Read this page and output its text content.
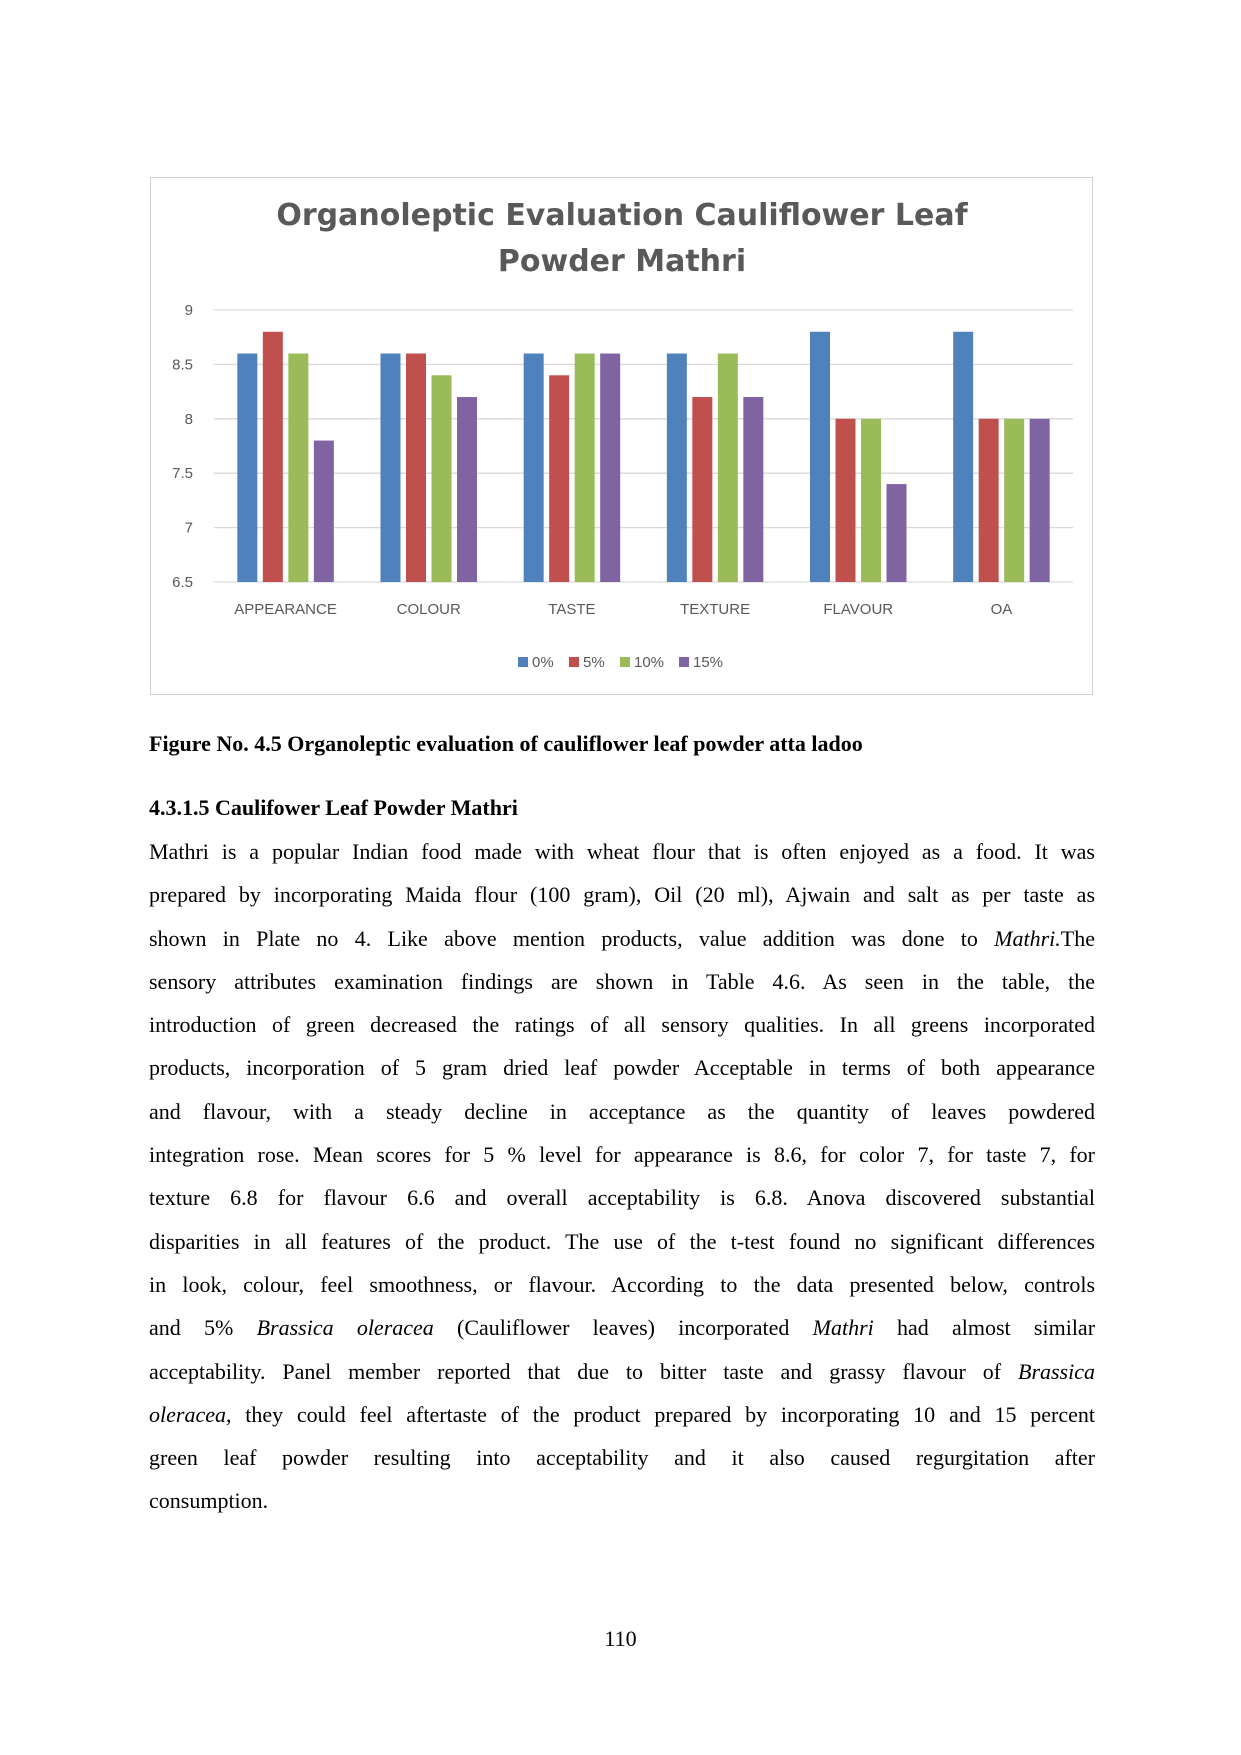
Organoleptic Evaluation Cauliflower Leaf
Powder Mathri
9
8.5
8
7.5
7
6.5
APPEARANCE	COLOUR	TASTE	TEXTURE	FLAVOUR	OA
0% 5% 10% 15%
Figure No. 4.5 Organoleptic evaluation of cauliflower leaf powder atta ladoo
4.3.1.5 Caulifower Leaf Powder Mathri
Mathri is a popular Indian food made with wheat flour that is often enjoyed as a food. It was
prepared by incorporating Maida flour (100 gram), Oil (20 ml), Ajwain and salt as per taste as
shown in Plate no 4. Like above mention products, value addition was done to Mathri.The
sensory attributes examination findings are shown in Table 4.6. As seen in the table, the
introduction of green decreased the ratings of all sensory qualities. In all greens incorporated
products, incorporation of 5 gram dried leaf powder Acceptable in terms of both appearance
and flavour, with a steady decline in acceptance as the quantity of leaves powdered
integration rose. Mean scores for 5 % level for appearance is 8.6, for color 7, for taste 7, for
texture 6.8 for flavour 6.6 and overall acceptability is 6.8. Anova discovered substantial
disparities in all features of the product. The use of the t-test found no significant differences
in look, colour, feel smoothness, or flavour. According to the data presented below, controls
and 5% Brassica oleracea (Cauliflower leaves) incorporated Mathri had almost similar
acceptability. Panel member reported that due to bitter taste and grassy flavour of Brassica
oleracea, they could feel aftertaste of the product prepared by incorporating 10 and 15 percent
green leaf powder resulting into acceptability and it also caused regurgitation after
consumption.
110
